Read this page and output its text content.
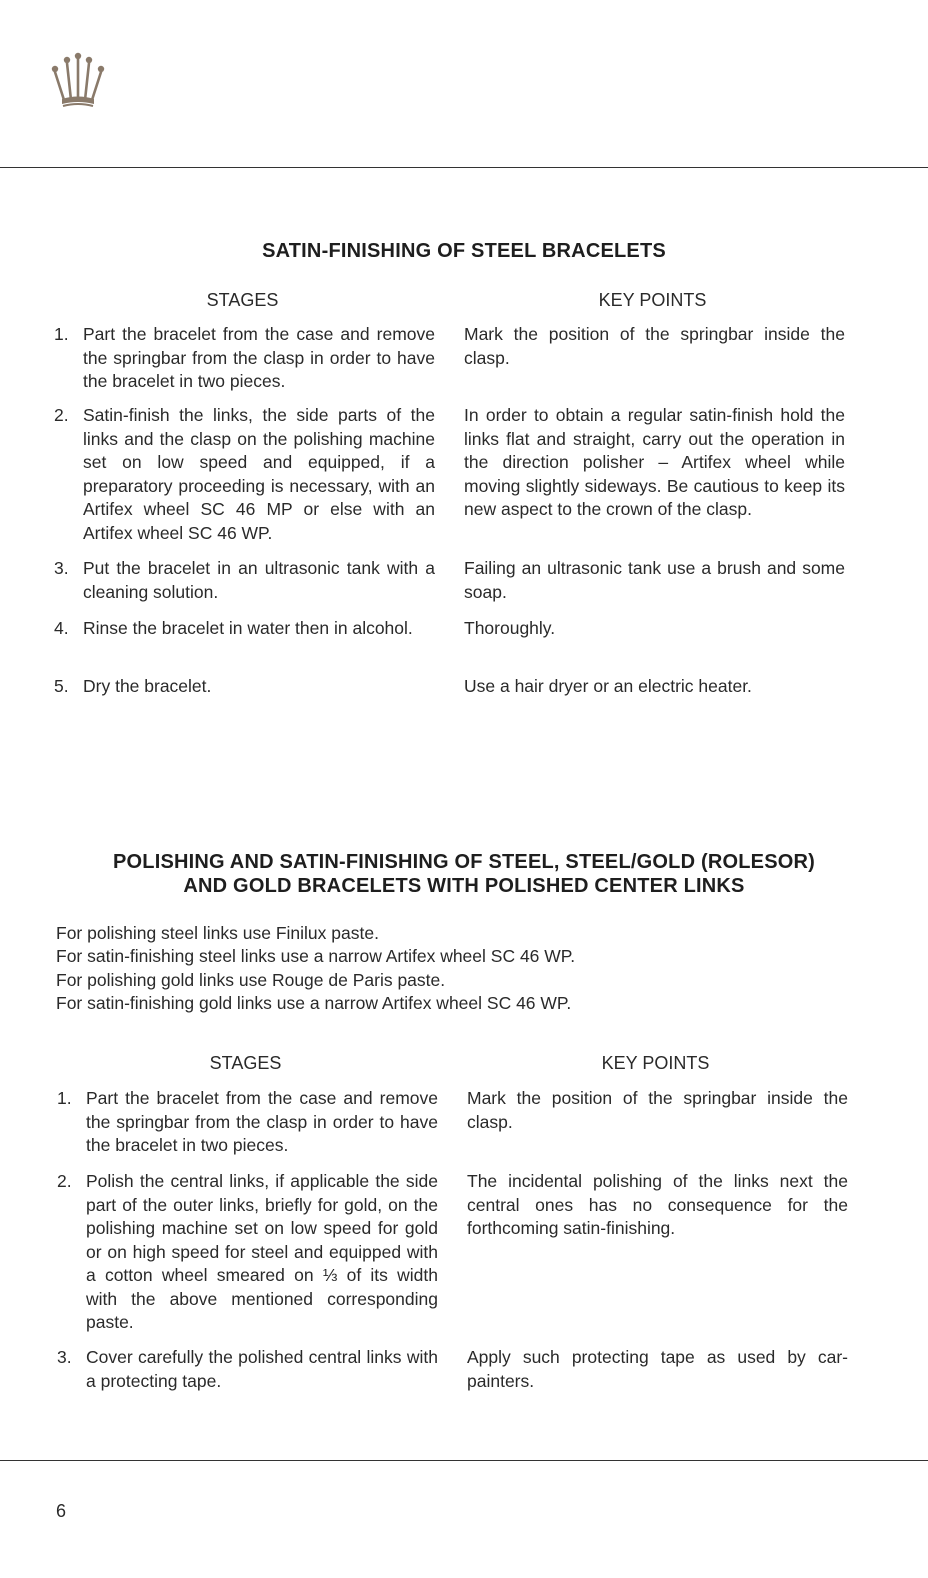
SATIN-FINISHING OF STEEL BRACELETS
STAGES	KEY POINTS
1. Part the bracelet from the case and remove the springbar from the clasp in order to have the bracelet in two pieces.
2. Satin-finish the links, the side parts of the links and the clasp on the polishing machine set on low speed and equipped, if a preparatory proceeding is necessary, with an Artifex wheel SC 46 MP or else with an Artifex wheel SC 46 WP.
3. Put the bracelet in an ultrasonic tank with a cleaning solution.
4. Rinse the bracelet in water then in alcohol.
5. Dry the bracelet.
Mark the position of the springbar inside the clasp.
In order to obtain a regular satin-finish hold the links flat and straight, carry out the operation in the direction polisher – Artifex wheel while moving slightly sideways. Be cautious to keep its new aspect to the crown of the clasp.
Failing an ultrasonic tank use a brush and some soap.
Thoroughly.
Use a hair dryer or an electric heater.
POLISHING AND SATIN-FINISHING OF STEEL, STEEL/GOLD (ROLESOR)
AND GOLD BRACELETS WITH POLISHED CENTER LINKS
For polishing steel links use Finilux paste.
For satin-finishing steel links use a narrow Artifex wheel SC 46 WP.
For polishing gold links use Rouge de Paris paste.
For satin-finishing gold links use a narrow Artifex wheel SC 46 WP.
STAGES	KEY POINTS
1. Part the bracelet from the case and remove the springbar from the clasp in order to have the bracelet in two pieces.
2. Polish the central links, if applicable the side part of the outer links, briefly for gold, on the polishing machine set on low speed for gold or on high speed for steel and equipped with a cotton wheel smeared on ⅓ of its width with the above mentioned corresponding paste.
3. Cover carefully the polished central links with a protecting tape.
Mark the position of the springbar inside the clasp.
The incidental polishing of the links next the central ones has no consequence for the forthcoming satin-finishing.
Apply such protecting tape as used by car-painters.
6
